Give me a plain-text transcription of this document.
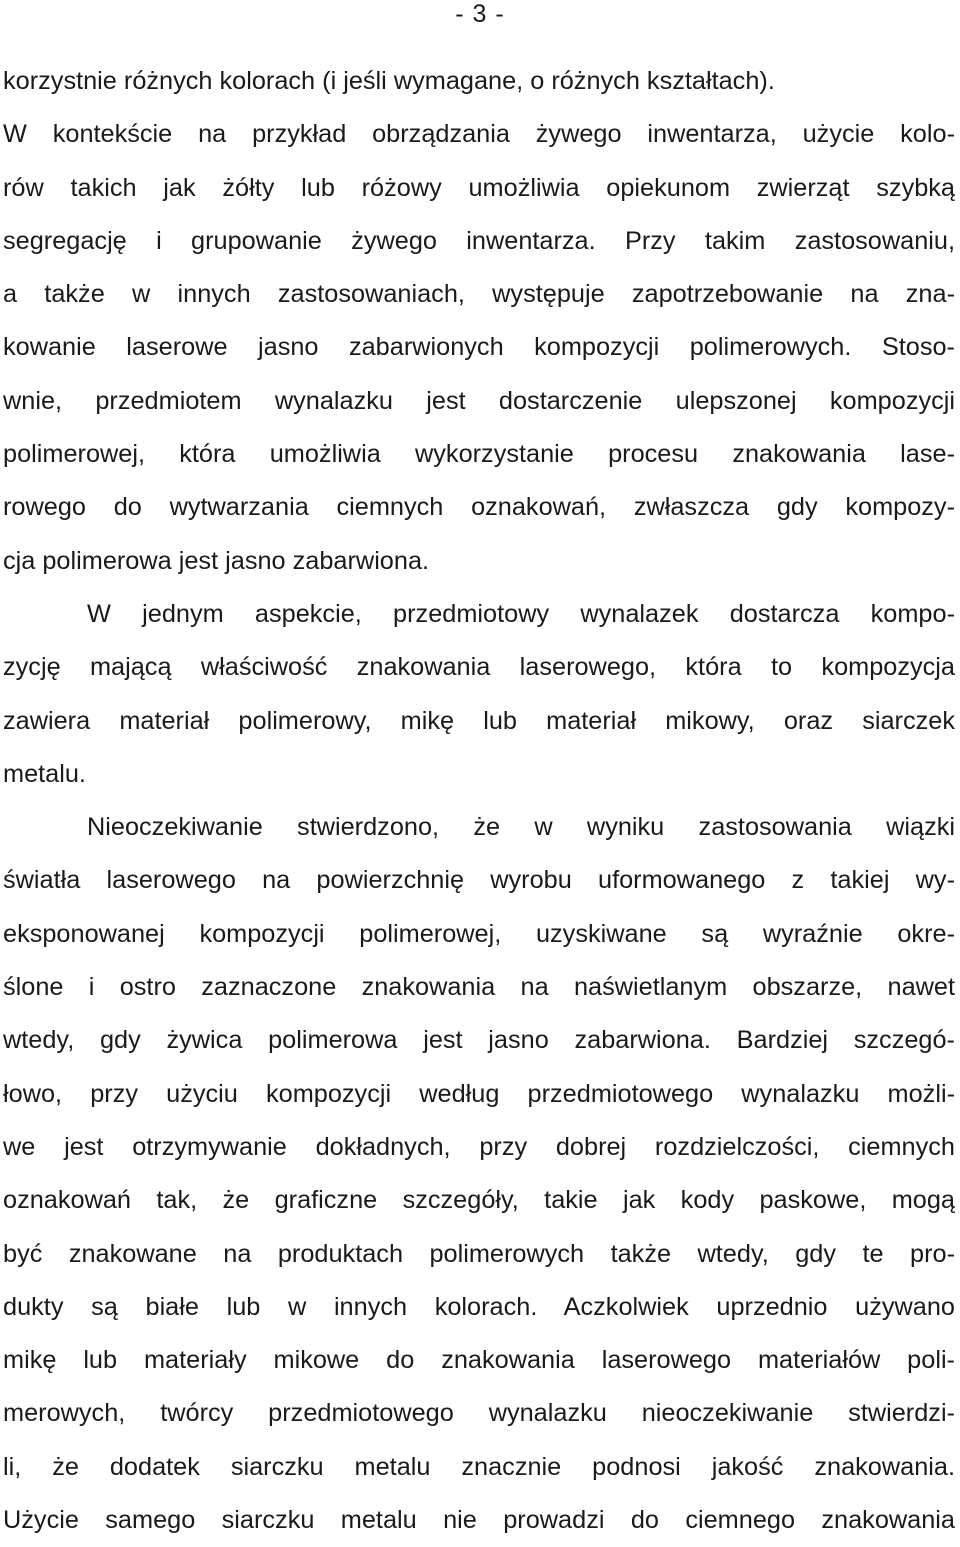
- 3 -
korzystnie różnych kolorach (i jeśli wymagane, o różnych kształtach).
W kontekście na przykład obrządzania żywego inwentarza, użycie kolo-
rów takich jak żółty lub różowy umożliwia opiekunom zwierząt szybką
segregację i grupowanie żywego inwentarza. Przy takim zastosowaniu,
a także w innych zastosowaniach, występuje zapotrzebowanie na zna-
kowanie laserowe jasno zabarwionych kompozycji polimerowych. Stoso-
wnie, przedmiotem wynalazku jest dostarczenie ulepszonej kompozycji
polimerowej, która umożliwia wykorzystanie procesu znakowania lase-
rowego do wytwarzania ciemnych oznakowań, zwłaszcza gdy kompozy-
cja polimerowa jest jasno zabarwiona.
W jednym aspekcie, przedmiotowy wynalazek dostarcza kompo-
zycję mającą właściwość znakowania laserowego, która to kompozycja
zawiera materiał polimerowy, mikę lub materiał mikowy, oraz siarczek
metalu.
Nieoczekiwanie stwierdzono, że w wyniku zastosowania wiązki
światła laserowego na powierzchnię wyrobu uformowanego z takiej wy-
eksponowanej kompozycji polimerowej, uzyskiwane są wyraźnie okre-
ślone i ostro zaznaczone znakowania na naświetlanym obszarze, nawet
wtedy, gdy żywica polimerowa jest jasno zabarwiona. Bardziej szczegó-
łowo, przy użyciu kompozycji według przedmiotowego wynalazku możli-
we jest otrzymywanie dokładnych, przy dobrej rozdzielczości, ciemnych
oznakowań tak, że graficzne szczegóły, takie jak kody paskowe, mogą
być znakowane na produktach polimerowych także wtedy, gdy te pro-
dukty są białe lub w innych kolorach. Aczkolwiek uprzednio używano
mikę lub materiały mikowe do znakowania laserowego materiałów poli-
merowych, twórcy przedmiotowego wynalazku nieoczekiwanie stwierdzi-
li, że dodatek siarczku metalu znacznie podnosi jakość znakowania.
Użycie samego siarczku metalu nie prowadzi do ciemnego znakowania
